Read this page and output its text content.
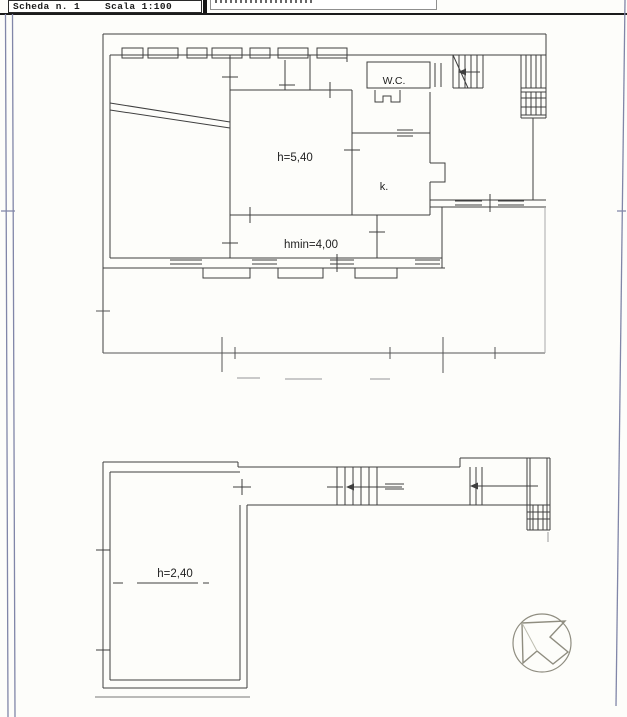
Scheda n. 1	Scala 1:100
W.C.
h=5,40
k.
hmin=4,00
h=2,40
